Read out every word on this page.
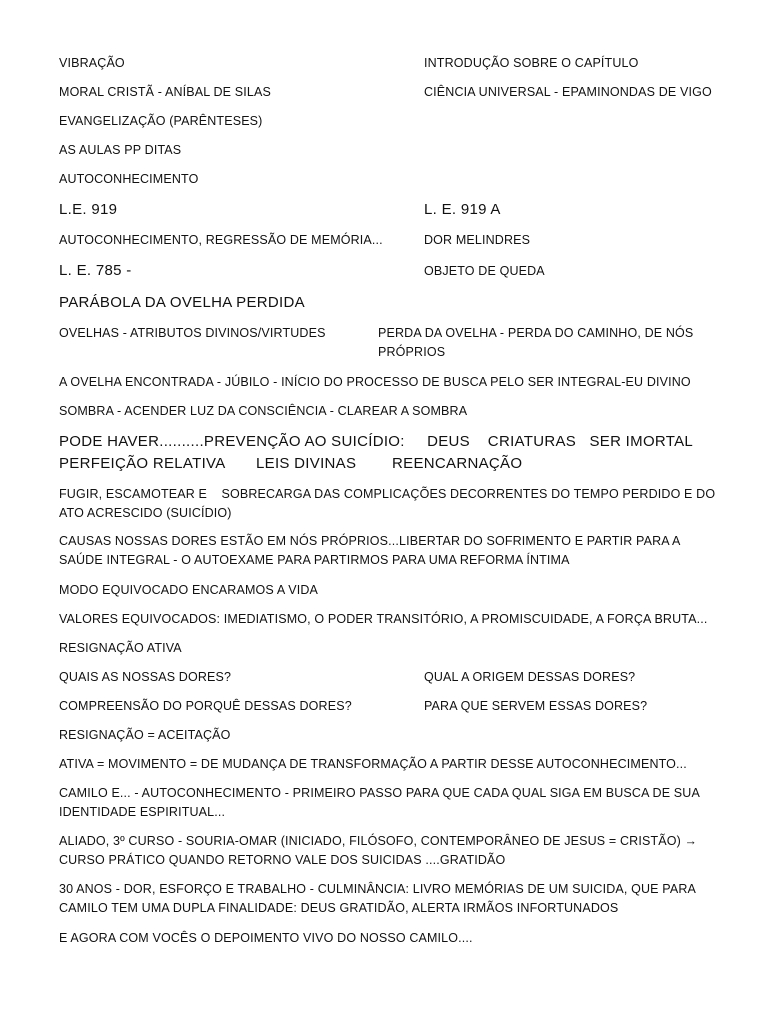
VIBRAÇÃO	INTRODUÇÃO SOBRE O CAPÍTULO
MORAL CRISTÃ - ANÍBAL DE SILAS	CIÊNCIA UNIVERSAL - EPAMINONDAS DE VIGO
EVANGELIZAÇÃO (PARÊNTESES)
AS AULAS PP DITAS
AUTOCONHECIMENTO
L.E. 919	L. E. 919 A
AUTOCONHECIMENTO, REGRESSÃO DE MEMÓRIA...	DOR MELINDRES
L. E. 785 -	OBJETO DE QUEDA
PARÁBOLA DA OVELHA PERDIDA
OVELHAS - ATRIBUTOS DIVINOS/VIRTUDES	PERDA DA OVELHA - PERDA DO CAMINHO, DE NÓS
PRÓPRIOS
A OVELHA ENCONTRADA - JÚBILO - INÍCIO DO PROCESSO DE BUSCA PELO SER INTEGRAL-EU DIVINO
SOMBRA - ACENDER LUZ DA CONSCIÊNCIA - CLAREAR A SOMBRA
PODE HAVER..........PREVENÇÃO AO SUICÍDIO:     DEUS    CRIATURAS   SER IMORTAL
PERFEIÇÃO RELATIVA       LEIS DIVINAS        REENCARNAÇÃO
FUGIR, ESCAMOTEAR E    SOBRECARGA DAS COMPLICAÇÕES DECORRENTES DO TEMPO PERDIDO E DO
ATO ACRESCIDO (SUICÍDIO)
CAUSAS NOSSAS DORES ESTÃO EM NÓS PRÓPRIOS...LIBERTAR DO SOFRIMENTO E PARTIR PARA A
SAÚDE INTEGRAL - O AUTOEXAME PARA PARTIRMOS PARA UMA REFORMA ÍNTIMA
MODO EQUIVOCADO ENCARAMOS A VIDA
VALORES EQUIVOCADOS: IMEDIATISMO, O PODER TRANSITÓRIO, A PROMISCUIDADE, A FORÇA BRUTA...
RESIGNAÇÃO ATIVA
QUAIS AS NOSSAS DORES?	QUAL A ORIGEM DESSAS DORES?
COMPREENSÃO DO PORQUÊ DESSAS DORES?	PARA QUE SERVEM ESSAS DORES?
RESIGNAÇÃO = ACEITAÇÃO
ATIVA = MOVIMENTO = DE MUDANÇA DE TRANSFORMAÇÃO A PARTIR DESSE AUTOCONHECIMENTO...
CAMILO E... - AUTOCONHECIMENTO - PRIMEIRO PASSO PARA QUE CADA QUAL SIGA EM BUSCA DE SUA
IDENTIDADE ESPIRITUAL...
ALIADO, 3º CURSO - SOURIA-OMAR (INICIADO, FILÓSOFO, CONTEMPORÂNEO DE JESUS = CRISTÃO) →
CURSO PRÁTICO QUANDO RETORNO VALE DOS SUICIDAS ....GRATIDÃO
30 ANOS - DOR, ESFORÇO E TRABALHO - CULMINÂNCIA: LIVRO MEMÓRIAS DE UM SUICIDA, QUE PARA
CAMILO TEM UMA DUPLA FINALIDADE: DEUS GRATIDÃO, ALERTA IRMÃOS INFORTUNADOS
E AGORA COM VOCÊS O DEPOIMENTO VIVO DO NOSSO CAMILO....
